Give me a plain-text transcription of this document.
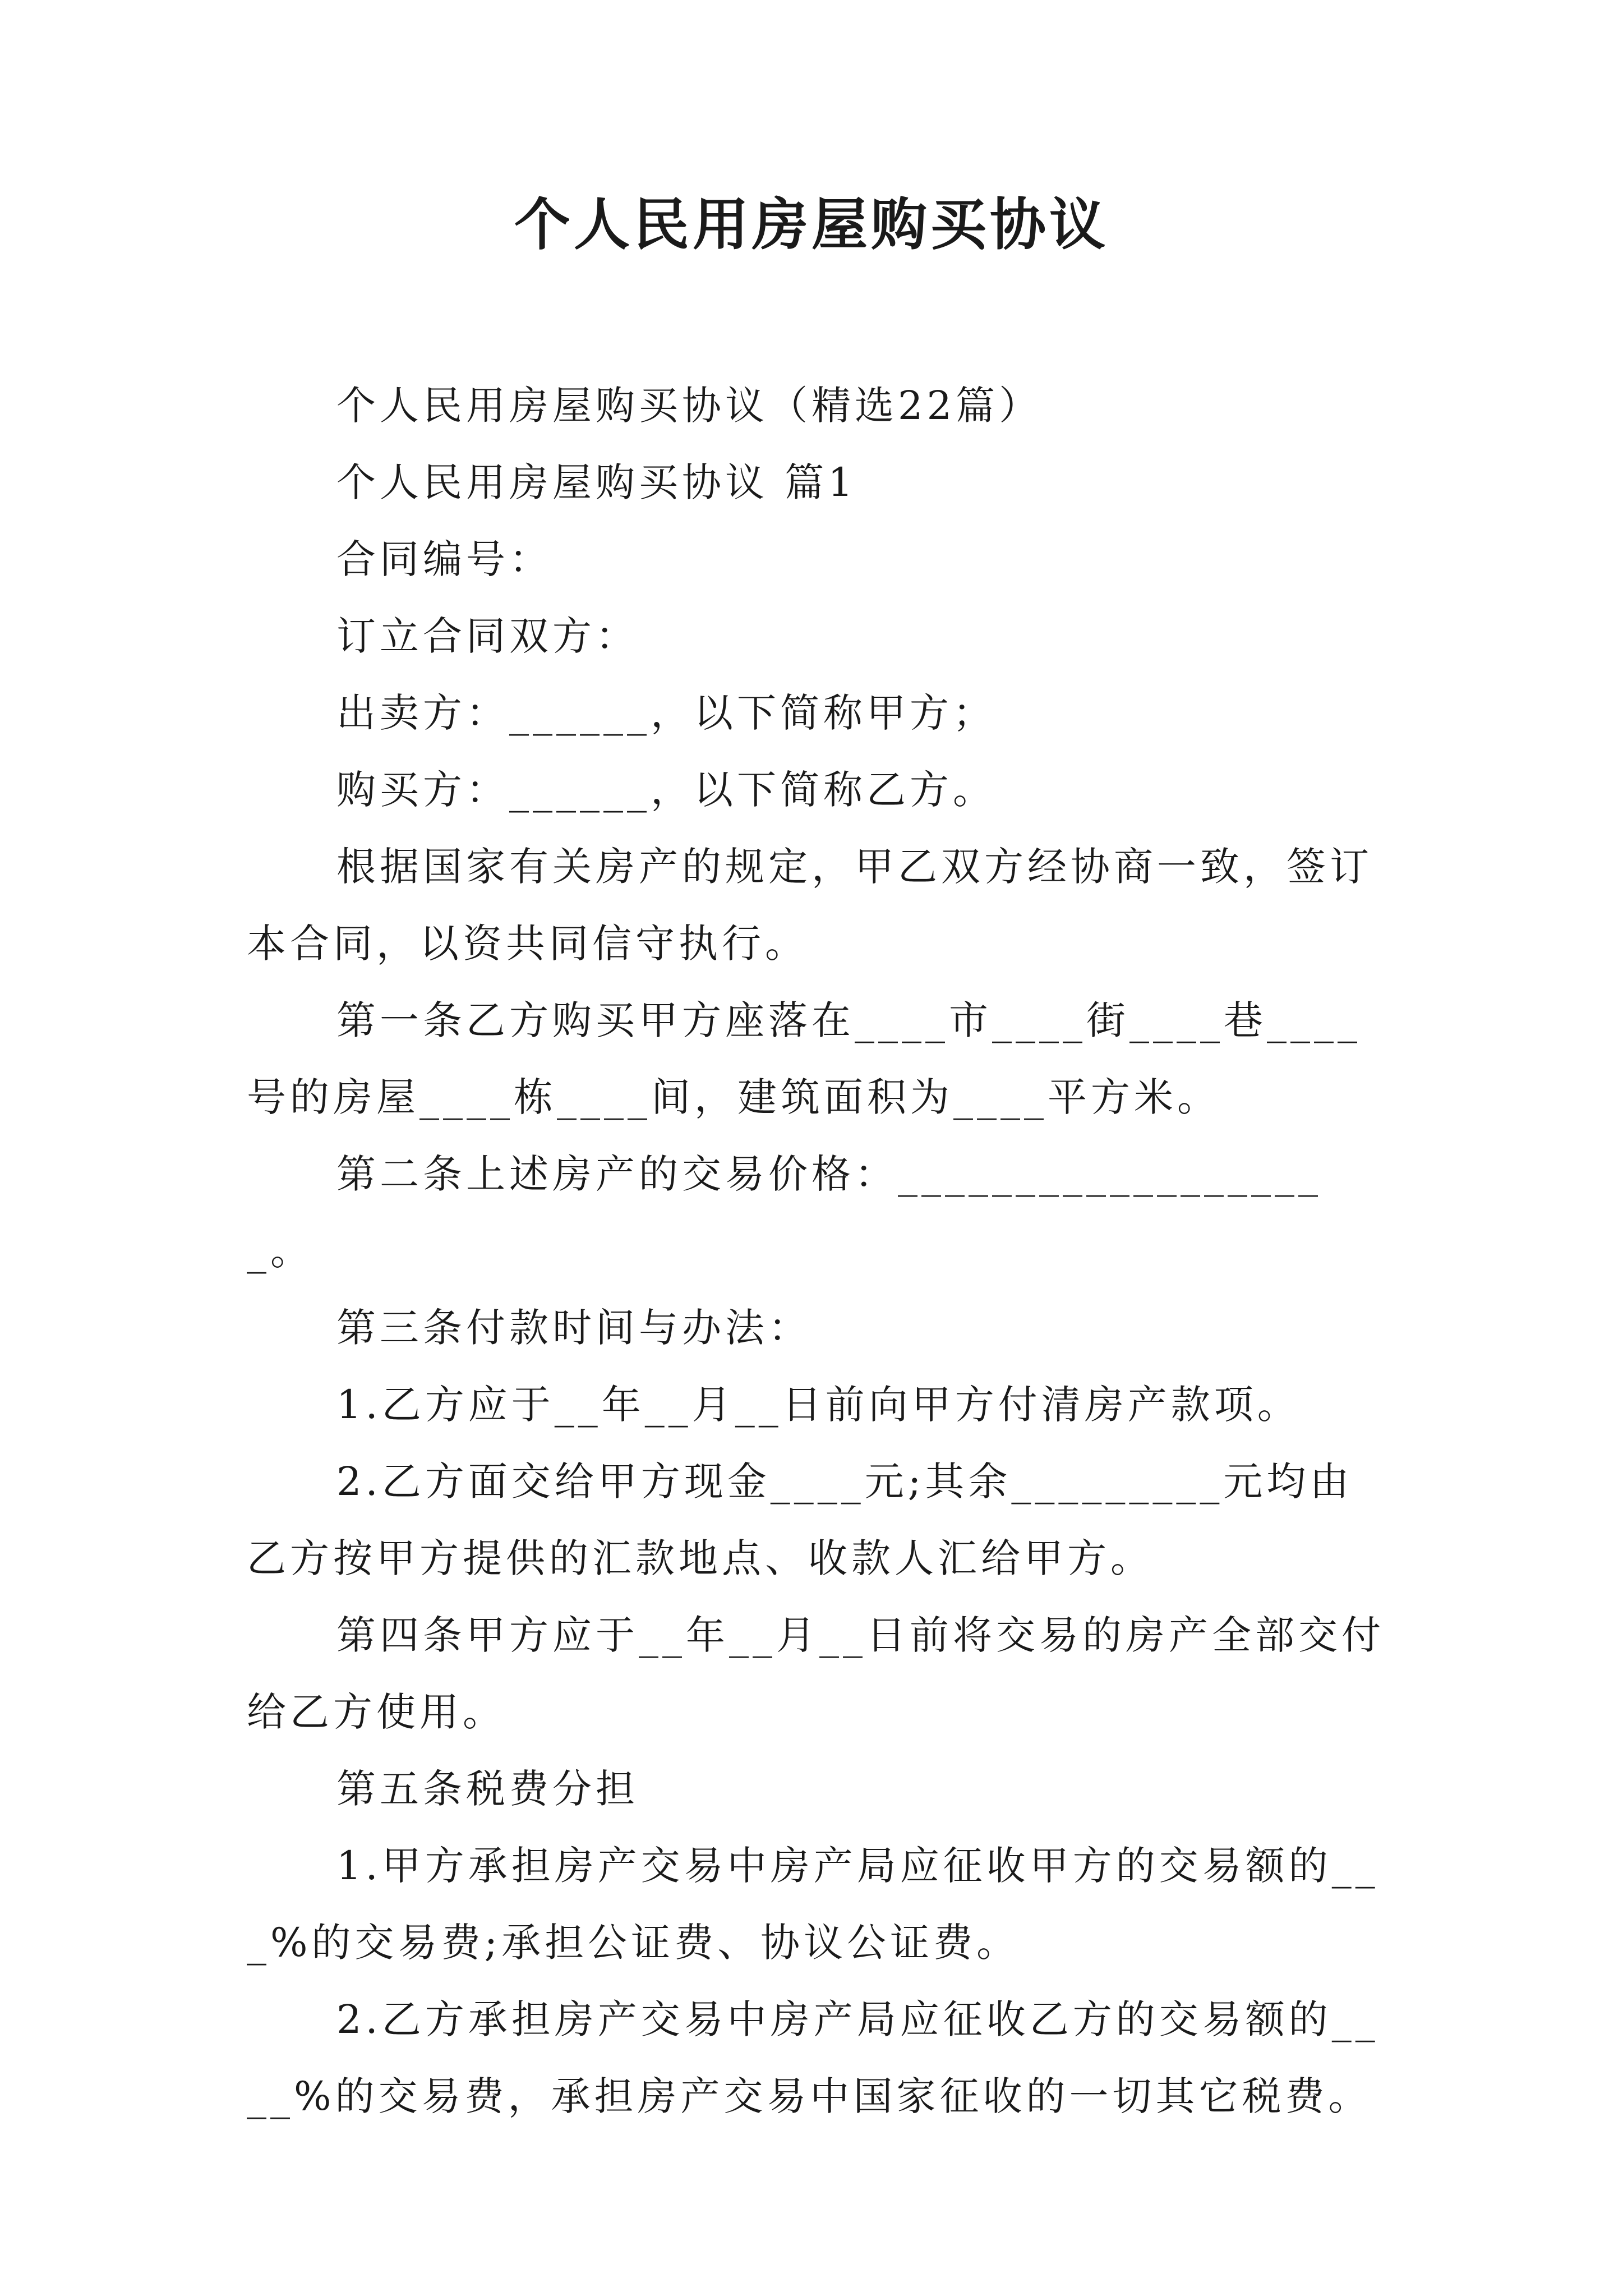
个人民用房屋购买协议

个人民用房屋购买协议（精选22篇）

个人民用房屋购买协议 篇1

合同编号：

订立合同双方：

出卖方：______，以下简称甲方；

购买方：______，以下简称乙方。

根据国家有关房产的规定，甲乙双方经协商一致，签订本合同，以资共同信守执行。

第一条乙方购买甲方座落在____市____街____巷____号的房屋____栋____间，建筑面积为____平方米。

第二条上述房产的交易价格：___________________。

第三条付款时间与办法：

1.乙方应于__年__月__日前向甲方付清房产款项。

2.乙方面交给甲方现金____元;其余_________元均由乙方按甲方提供的汇款地点、收款人汇给甲方。

第四条甲方应于__年__月__日前将交易的房产全部交付给乙方使用。

第五条税费分担

1.甲方承担房产交易中房产局应征收甲方的交易额的___%的交易费;承担公证费、协议公证费。

2.乙方承担房产交易中房产局应征收乙方的交易额的____%的交易费，承担房产交易中国家征收的一切其它税费。
